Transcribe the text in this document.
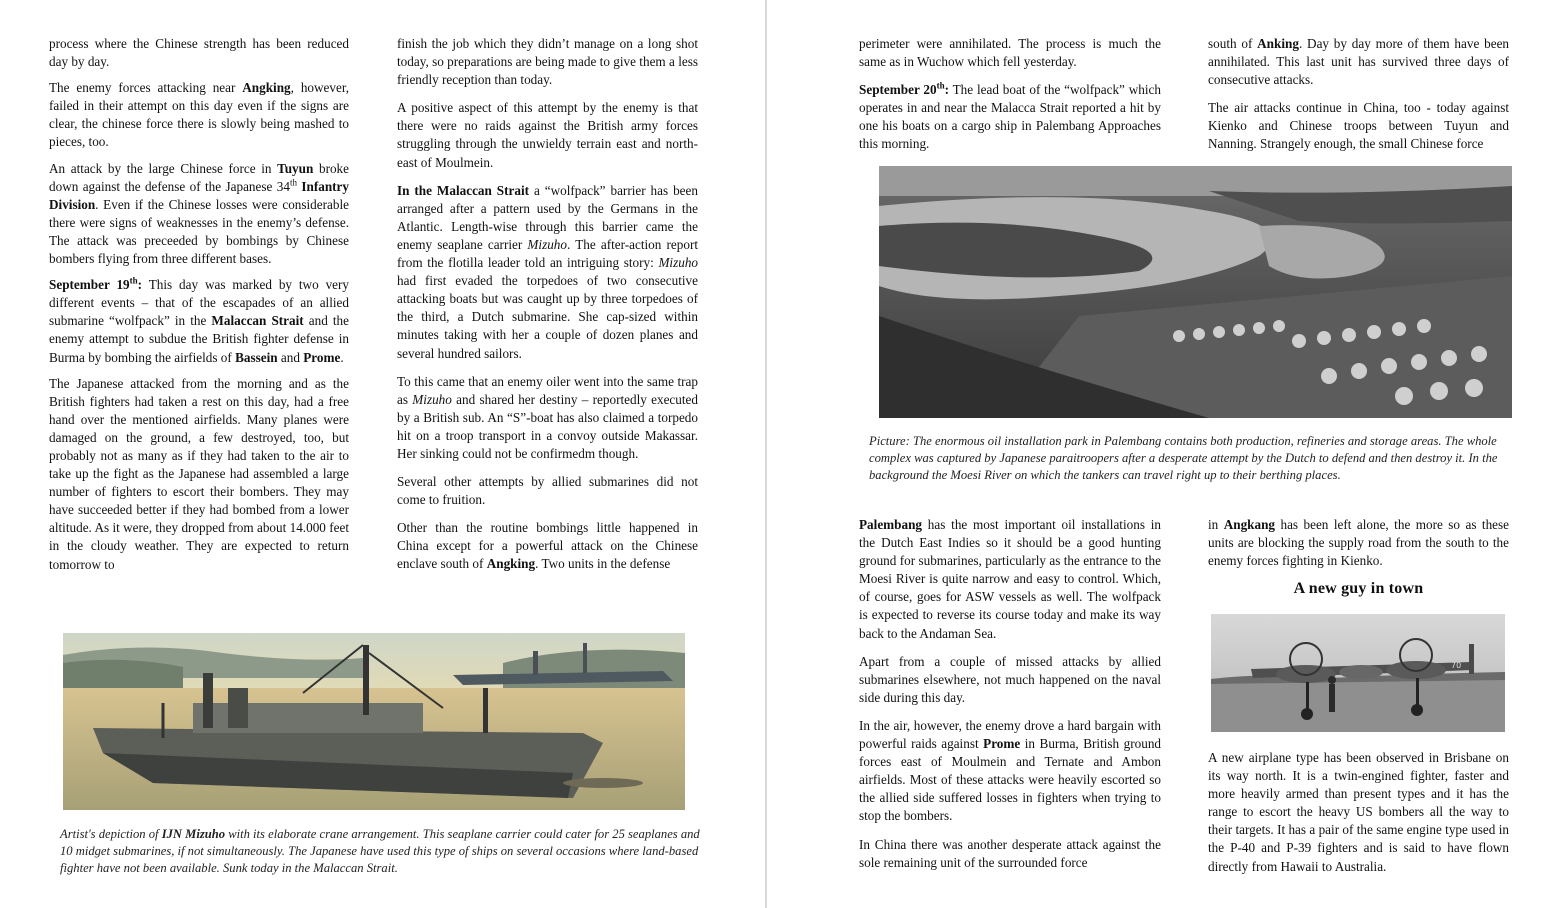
process where the Chinese strength has been reduced day by day.

The enemy forces attacking near Angking, however, failed in their attempt on this day even if the signs are clear, the chinese force there is slowly being mashed to pieces, too.

An attack by the large Chinese force in Tuyun broke down against the defense of the Japanese 34th Infantry Division. Even if the Chinese losses were considerable there were signs of weaknesses in the enemy’s defense. The attack was preceeded by bombings by Chinese bombers flying from three different bases.

September 19th: This day was marked by two very different events – that of the escapades of an allied submarine “wolfpack” in the Malaccan Strait and the enemy attempt to subdue the British fighter defense in Burma by bombing the airfields of Bassein and Prome.

The Japanese attacked from the morning and as the British fighters had taken a rest on this day, had a free hand over the mentioned airfields. Many planes were damaged on the ground, a few destroyed, too, but probably not as many as if they had taken to the air to take up the fight as the Japanese had assembled a large number of fighters to escort their bombers. They may have succeeded better if they had bombed from a lower altitude. As it were, they dropped from about 14.000 feet in the cloudy weather. They are expected to return tomorrow to

finish the job which they didn’t manage on a long shot today, so preparations are being made to give them a less friendly reception than today.

A positive aspect of this attempt by the enemy is that there were no raids against the British army forces struggling through the unwieldy terrain east and north-east of Moulmein.

In the Malaccan Strait a “wolfpack” barrier has been arranged after a pattern used by the Germans in the Atlantic. Length-wise through this barrier came the enemy seaplane carrier Mizuho. The after-action report from the flotilla leader told an intriguing story: Mizuho had first evaded the torpedoes of two consecutive attacking boats but was caught up by three torpedoes of the third, a Dutch submarine. She cap-sized within minutes taking with her a couple of dozen planes and several hundred sailors.

To this came that an enemy oiler went into the same trap as Mizuho and shared her destiny – reportedly executed by a British sub. An “S”-boat has also claimed a torpedo hit on a troop transport in a convoy outside Makassar. Her sinking could not be confirmedm though.

Several other attempts by allied submarines did not come to fruition.

Other than the routine bombings little happened in China except for a powerful attack on the Chinese enclave south of Angking. Two units in the defense

Artist's depiction of IJN Mizuho with its elaborate crane arrangement. This seaplane carrier could cater for 25 seaplanes and 10 midget submarines, if not simultaneously. The Japanese have used this type of ships on several occasions where land-based fighter have not been available. Sunk today in the Malaccan Strait.

perimeter were annihilated. The process is much the same as in Wuchow which fell yesterday.

September 20th: The lead boat of the “wolfpack” which operates in and near the Malacca Strait reported a hit by one his boats on a cargo ship in Palembang Approaches this morning.

south of Anking. Day by day more of them have been annihilated. This last unit has survived three days of consecutive attacks.

The air attacks continue in China, too - today against Kienko and Chinese troops between Tuyun and Nanning. Strangely enough, the small Chinese force

Picture: The enormous oil installation park in Palembang contains both production, refineries and storage areas. The whole complex was captured by Japanese paraіtroopers after a desperate attempt by the Dutch to defend and then destroy it. In the background the Moesi River on which the tankers can travel right up to their berthing places.

Palembang has the most important oil installations in the Dutch East Indies so it should be a good hunting ground for submarines, particularly as the entrance to the Moesi River is quite narrow and easy to control. Which, of course, goes for ASW vessels as well. The wolfpack is expected to reverse its course today and make its way back to the Andaman Sea.

Apart from a couple of missed attacks by allied submarines elsewhere, not much happened on the naval side during this day.

In the air, however, the enemy drove a hard bargain with powerful raids against Prome in Burma, British ground forces east of Moulmein and Ternate and Ambon airfields. Most of these attacks were heavily escorted so the allied side suffered losses in fighters when trying to stop the bombers.

In China there was another desperate attack against the sole remaining unit of the surrounded force

in Angkang has been left alone, the more so as these units are blocking the supply road from the south to the enemy forces fighting in Kienko.

A new guy in town
70

A new airplane type has been observed in Brisbane on its way north. It is a twin-engined fighter, faster and more heavily armed than present types and it has the range to escort the heavy US bombers all the way to their targets. It has a pair of the same engine type used in the P-40 and P-39 fighters and is said to have flown directly from Hawaii to Australia.
